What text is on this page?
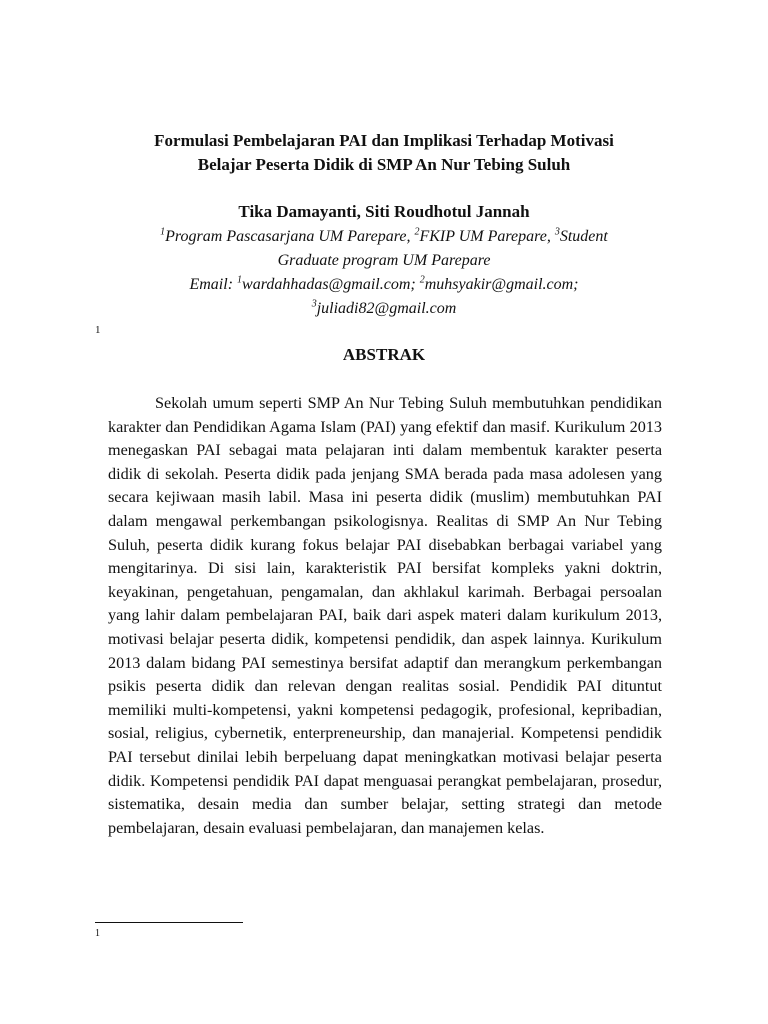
Formulasi Pembelajaran PAI dan Implikasi Terhadap Motivasi
Belajar Peserta Didik di SMP An Nur Tebing Suluh
Tika Damayanti, Siti Roudhotul Jannah
$^1$Program Pascasarjana UM Parepare, $^2$FKIP UM Parepare, $^3$Student
Graduate program UM Parepare
Email: $^1$wardahhadas@gmail.com; $^2$muhsyakir@gmail.com;
$^3$juliadi82@gmail.com
1
ABSTRAK

Sekolah umum seperti SMP An Nur Tebing Suluh membutuhkan pendidikan karakter dan Pendidikan Agama Islam (PAI) yang efektif dan masif. Kurikulum 2013 menegaskan PAI sebagai mata pelajaran inti dalam membentuk karakter peserta didik di sekolah. Peserta didik pada jenjang SMA berada pada masa adolesen yang secara kejiwaan masih labil. Masa ini peserta didik (muslim) membutuhkan PAI dalam mengawal perkembangan psikologisnya. Realitas di SMP An Nur Tebing Suluh, peserta didik kurang fokus belajar PAI disebabkan berbagai variabel yang mengitarinya. Di sisi lain, karakteristik PAI bersifat kompleks yakni doktrin, keyakinan, pengetahuan, pengamalan, dan akhlakul karimah. Berbagai persoalan yang lahir dalam pembelajaran PAI, baik dari aspek materi dalam kurikulum 2013, motivasi belajar peserta didik, kompetensi pendidik, dan aspek lainnya. Kurikulum 2013 dalam bidang PAI semestinya bersifat adaptif dan merangkum perkembangan psikis peserta didik dan relevan dengan realitas sosial. Pendidik PAI dituntut memiliki multi-kompetensi, yakni kompetensi pedagogik, profesional, kepribadian, sosial, religius, cybernetik, enterpreneurship, dan manajerial. Kompetensi pendidik PAI tersebut dinilai lebih berpeluang dapat meningkatkan motivasi belajar peserta didik. Kompetensi pendidik PAI dapat menguasai perangkat pembelajaran, prosedur, sistematika, desain media dan sumber belajar, setting strategi dan metode pembelajaran, desain evaluasi pembelajaran, dan manajemen kelas.

1
